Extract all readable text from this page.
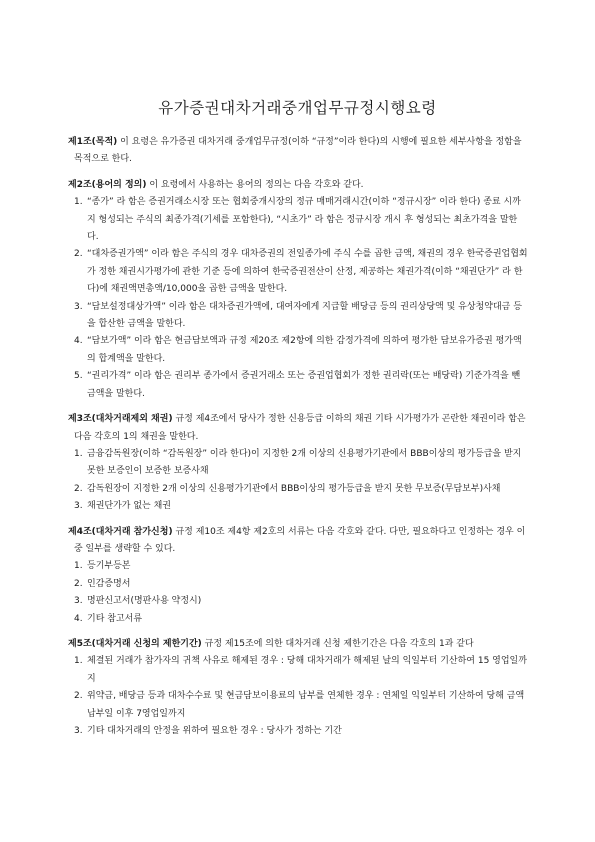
유가증권대차거래중개업무규정시행요령
제1조(목적) 이 요령은 유가증권 대차거래 중개업무규정(이하 “규정”이라 한다)의 시행에 필요한 세부사항을 정함을 목적으로 한다.
제2조(용어의 정의) 이 요령에서 사용하는 용어의 정의는 다음 각호와 같다.
1. “종가” 라 함은 증권거래소시장 또는 협회중개시장의 정규 매매거래시간(이하 “정규시장” 이라 한다) 종료 시까지 형성되는 주식의 최종가격(기세를 포함한다), “시초가” 라 함은 정규시장 개시 후 형성되는 최초가격을 말한다.
2. “대차증권가액” 이라 함은 주식의 경우 대차증권의 전일종가에 주식 수를 곱한 금액, 채권의 경우 한국증권업협회가 정한 채권시가평가에 관한 기준 등에 의하여 한국증권전산이 산정, 제공하는 채권가격(이하 “채권단가” 라 한다)에 채권액면총액/10,000을 곱한 금액을 말한다.
3. “담보설정대상가액” 이라 함은 대차증권가액에, 대여자에게 지급할 배당금 등의 권리상당액 및 유상청약대금 등을 합산한 금액을 말한다.
4. “담보가액” 이라 함은 현금담보액과 규정 제20조 제2항에 의한 감정가격에 의하여 평가한 담보유가증권 평가액의 합계액을 말한다.
5. “권리가격” 이라 함은 권리부 종가에서 증권거래소 또는 증권업협회가 정한 권리락(또는 배당락) 기준가격을 뺀 금액을 말한다.
제3조(대차거래제외 채권) 규정 제4조에서 당사가 정한 신용등급 이하의 채권 기타 시가평가가 곤란한 채권이라 함은 다음 각호의 1의 채권을 말한다.
1. 금융감독원장(이하 “감독원장” 이라 한다)이 지정한 2개 이상의 신용평가기관에서 BBB이상의 평가등급을 받지 못한 보증인이 보증한 보증사채
2. 감독원장이 지정한 2개 이상의 신용평가기관에서 BBB이상의 평가등급을 받지 못한 무보증(무담보부)사채
3. 채권단가가 없는 채권
제4조(대차거래 참가신청) 규정 제10조 제4항 제2호의 서류는 다음 각호와 같다. 다만, 필요하다고 인정하는 경우 이 중 일부를 생략할 수 있다.
1. 등기부등본
2. 인감증명서
3. 명판신고서(명판사용 약정시)
4. 기타 참고서류
제5조(대차거래 신청의 제한기간) 규정 제15조에 의한 대차거래 신청 제한기간은 다음 각호의 1과 같다
1. 체결된 거래가 참가자의 귀책 사유로 해제된 경우 : 당해 대차거래가 해제된 날의 익일부터 기산하여 15 영업일까지
2. 위약금, 배당금 등과 대차수수료 및 현금담보이용료의 납부를 연체한 경우 : 연체일 익일부터 기산하여 당해 금액 납부일 이후 7영업일까지
3. 기타 대차거래의 안정을 위하여 필요한 경우 : 당사가 정하는 기간
